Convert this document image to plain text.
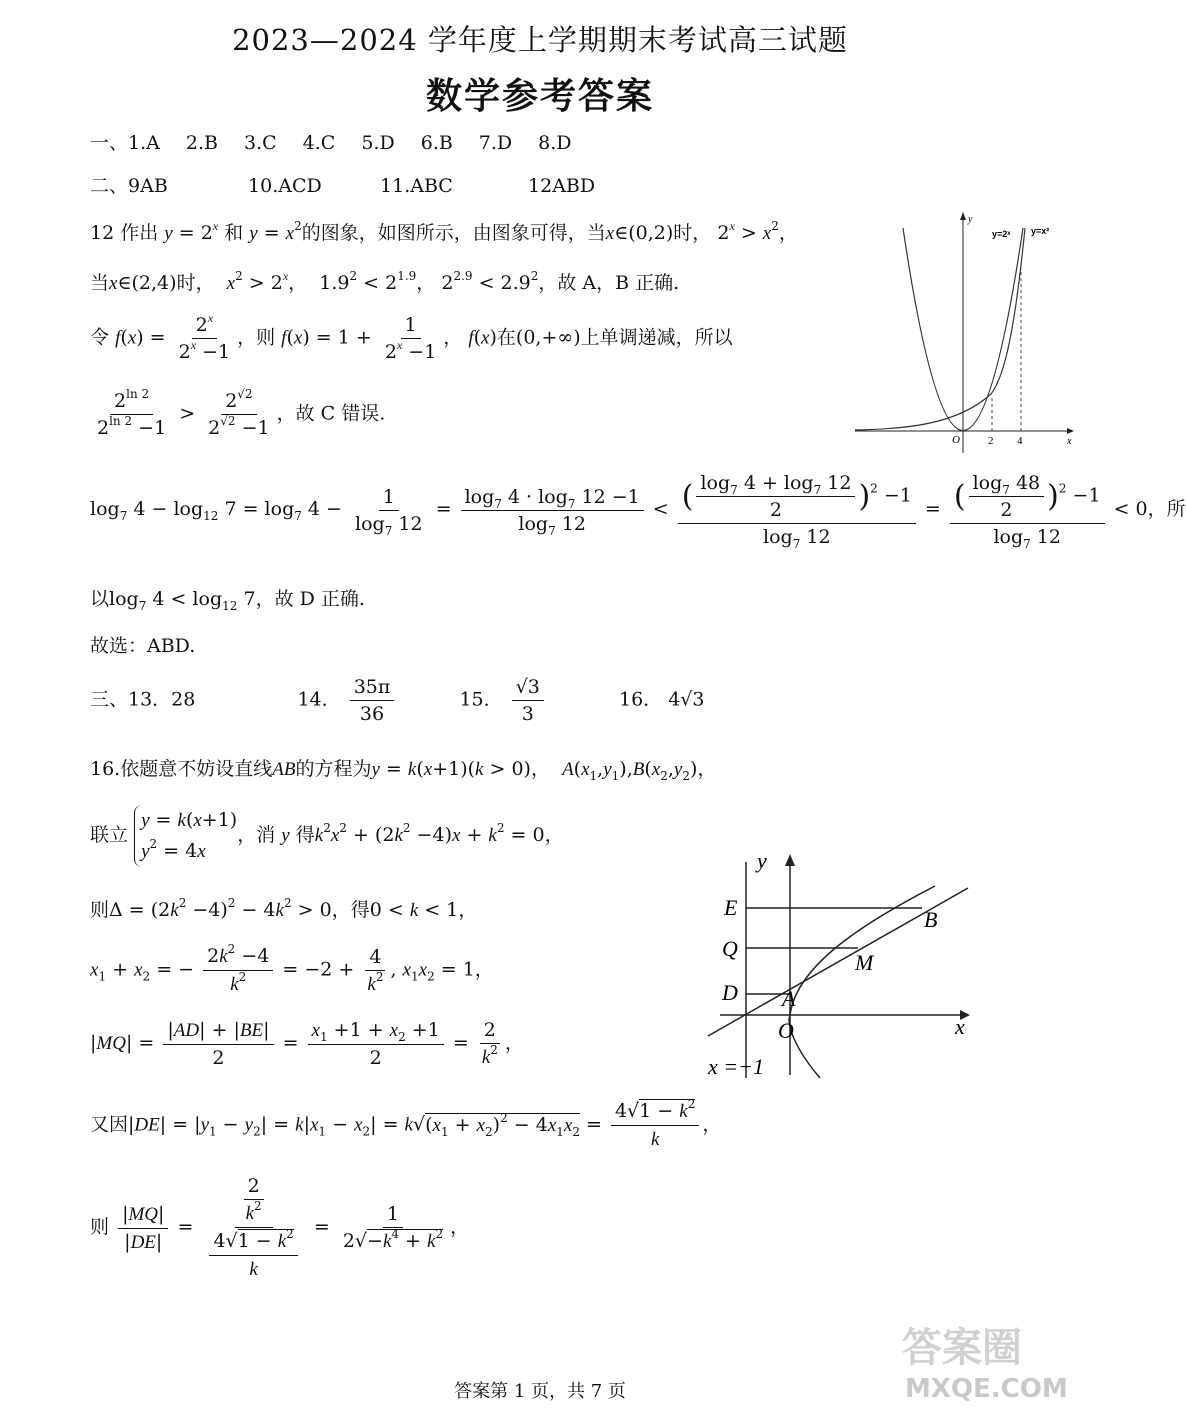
2023—2024 学年度上学期期末考试高三试题
数学参考答案
一、1.A 2.B 3.C 4.C 5.D 6.B 7.D 8.D
二、9AB	10.ACD	11.ABC	12ABD
12 作出 $y = 2^x$ 和 $y = x^2$的图象，如图所示，由图象可得，当x∈(0,2)时， $2^x > x^2$，
当x∈(2,4)时， $x^2 > 2^x$，  $1.9^2 < 2^{1.9}$， $2^{2.9} < 2.9^2$，故 A，B 正确.
令 $f(x) = \frac{2^x}{2^x -1}$ ，则 $f(x) = 1 + \frac{1}{2^x -1}$ ， f(x)在(0,+∞)上单调递减，所以
$\frac{2^{ln 2}}{2^{ln 2} -1} > \frac{2^{√2}}{2^{√2} -1}$ ，故 C 错误.
y
x
O	2 4
y=2ˣ y=x²
$\log_7 4 - \log_{12} 7 = \log_7 4 - \frac{1}{\log_7 12} = \frac{\log_7 4 \cdot \log_7 12 -1}{\log_7 12} < \frac{( \frac{\log_7 4 + \log_7 12}{2} )^2 -1}{\log_7 12} = \frac{( \frac{\log_7 48}{2} )^2 -1}{\log_7 12} < 0$，所
以$\log_7 4 < \log_{12} 7$，故 D 正确.
故选：ABD.
三、13．28	14． $\frac{35\pi}{36}$	15． $\frac{√3}{3}$	16． 4√3
16.依题意不妨设直线AB的方程为y = k(x+1)(k > 0)，  $A(x_1,y_1),B(x_2,y_2)$，
联立 y = k(x+1)
$y^2 = 4x$，消 y 得$k^2x^2 + (2k^2 -4)x + k^2 = 0$，
则$\Delta = (2k^2 -4)^2 - 4k^2 > 0$，得0 < k < 1，
$x_1 + x_2$ = − $\frac{2k^2 -4}{k^2} = -2 + \frac{4}{k^2}$ , $x_1x_2 = 1$，
$|MQ| = \frac{|AD| + |BE|}{2} = \frac{x_1 +1 + x_2 +1}{2} = \frac{2}{k^2}$ ，
又因$|DE| = |y_1 - y_2| = k|x_1 - x_2| = k√(x_1 + x_2)^2 - 4x_1x_2 = \frac{4√1 - k^2}{k}$ ，
则 $\frac{|MQ|}{|DE|} = \frac{\frac{2}{k^2}}{\frac{4√1 - k^2}{k}} = \frac{1}{2√-k^4 + k^2}$ ，
y
x
O
E
Q
D A
B
M
x =−1
答案圈
MXQE.COM
答案第 1 页，共 7 页
